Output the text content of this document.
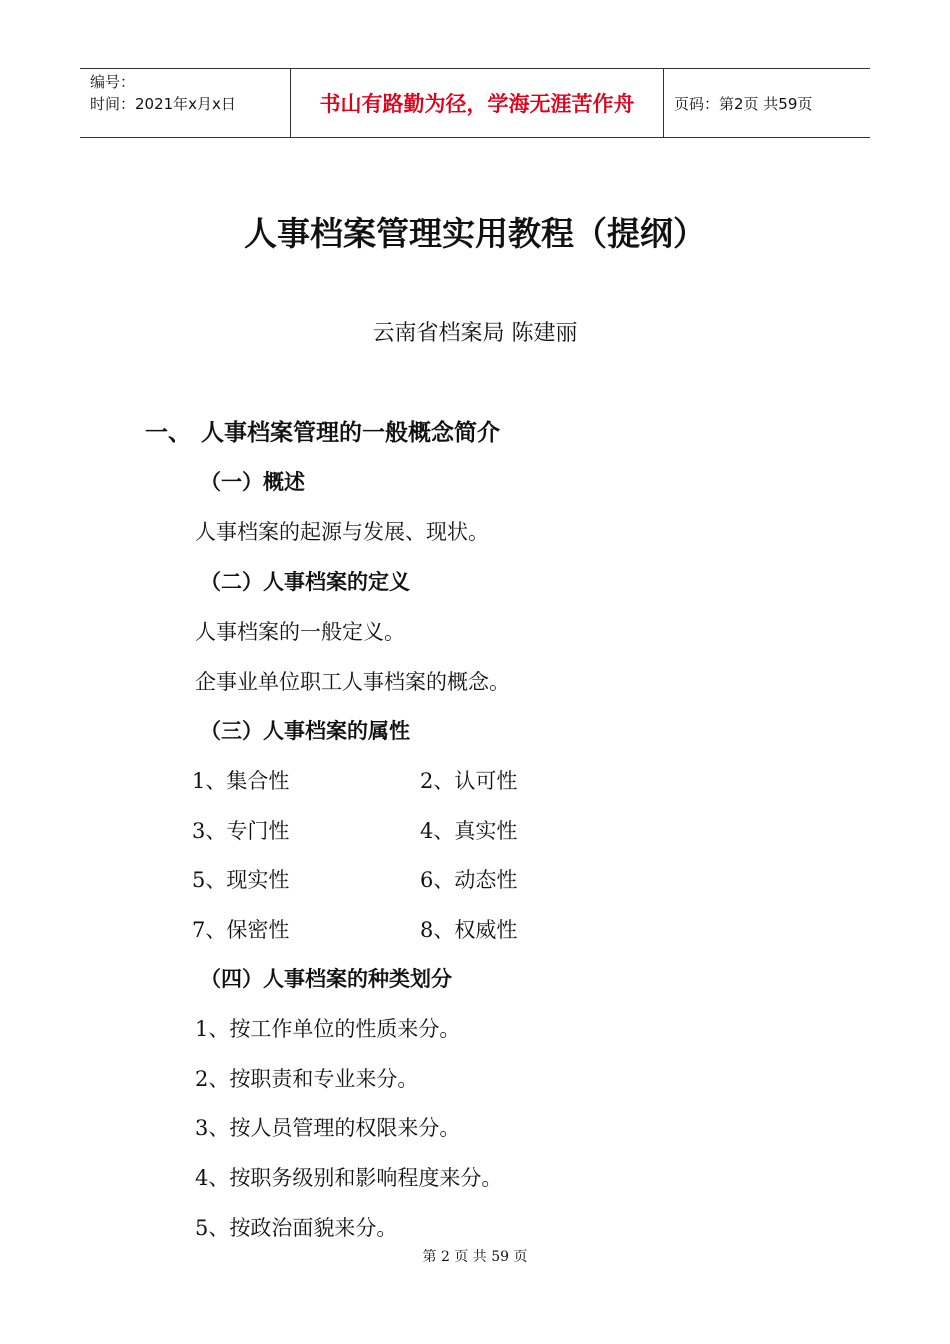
编号：
时间：2021年x月x日	书山有路勤为径，学海无涯苦作舟	页码：第2页 共59页
人事档案管理实用教程（提纲）
云南省档案局 陈建丽
一、 人事档案管理的一般概念简介
（一）概述
人事档案的起源与发展、现状。
（二）人事档案的定义
人事档案的一般定义。
企事业单位职工人事档案的概念。
（三）人事档案的属性
1、集合性	2、认可性
3、专门性	4、真实性
5、现实性	6、动态性
7、保密性	8、权威性
（四）人事档案的种类划分
1、按工作单位的性质来分。
2、按职责和专业来分。
3、按人员管理的权限来分。
4、按职务级别和影响程度来分。
5、按政治面貌来分。
第 2 页 共 59 页
